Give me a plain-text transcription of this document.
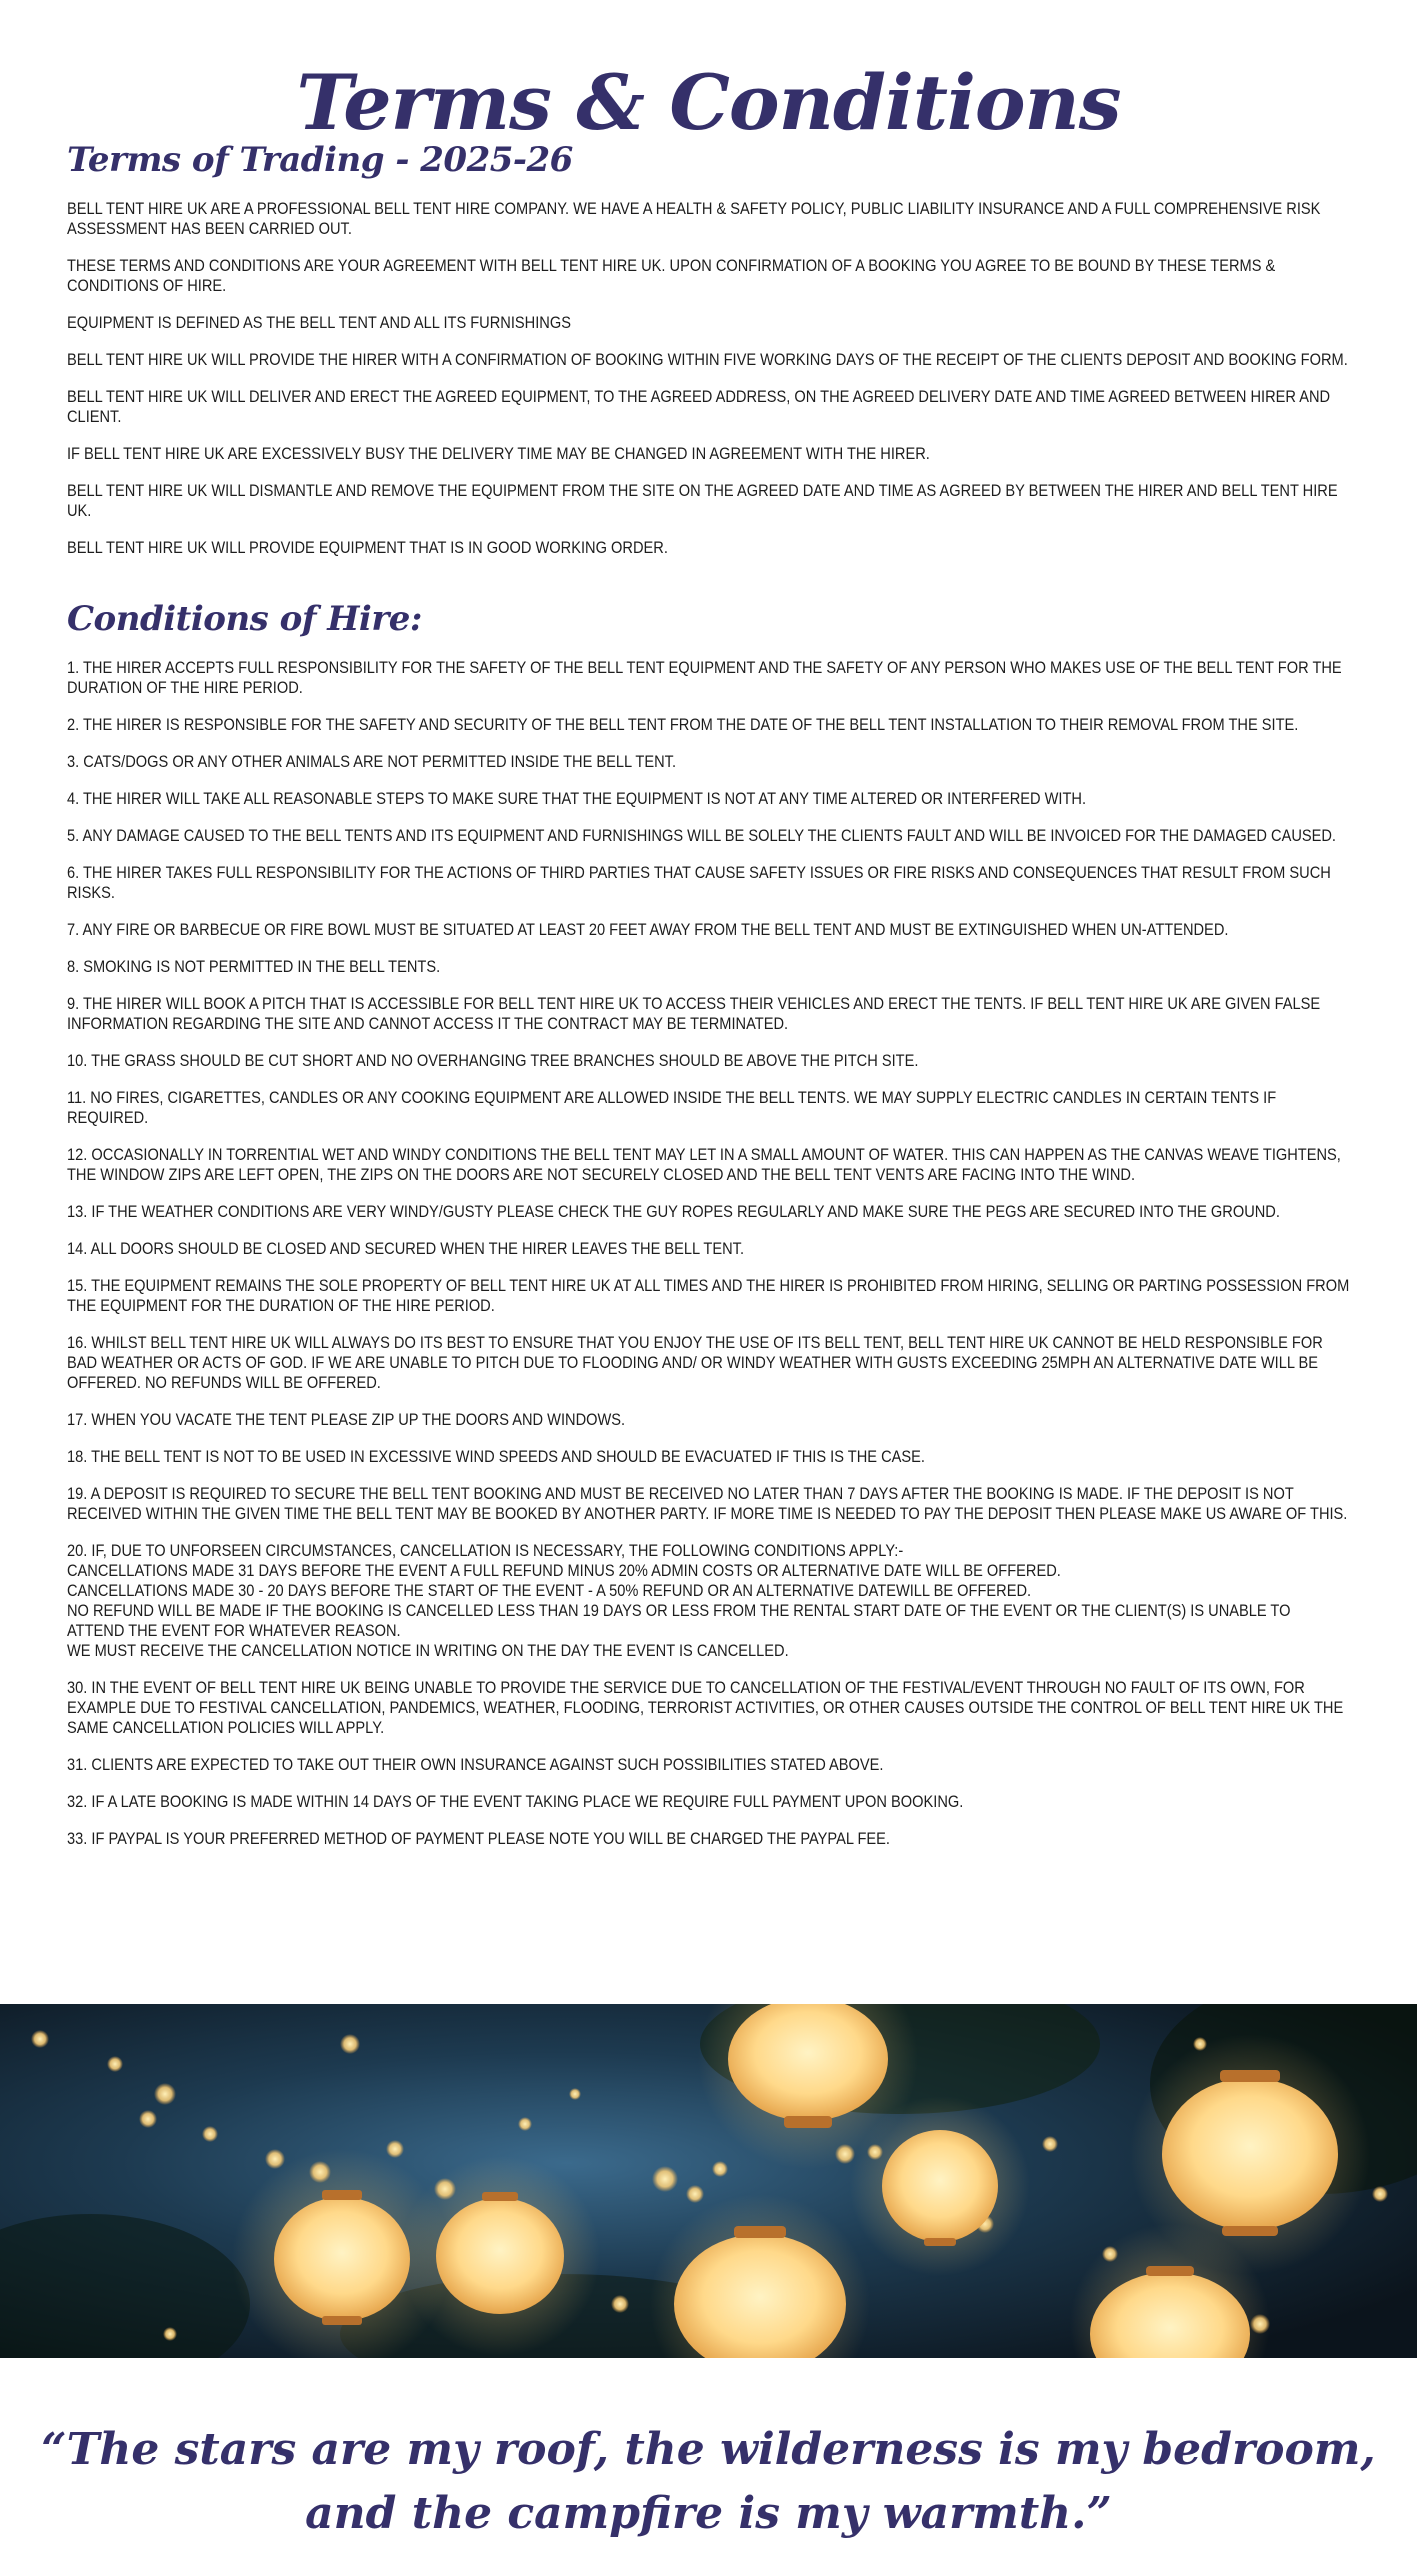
Terms & Conditions
Terms of Trading - 2025-26

BELL TENT HIRE UK ARE A PROFESSIONAL BELL TENT HIRE COMPANY. WE HAVE A HEALTH & SAFETY POLICY, PUBLIC LIABILITY INSURANCE AND A FULL COMPREHENSIVE RISK ASSESSMENT HAS BEEN CARRIED OUT.

THESE TERMS AND CONDITIONS ARE YOUR AGREEMENT WITH BELL TENT HIRE UK. UPON CONFIRMATION OF A BOOKING YOU AGREE TO BE BOUND BY THESE TERMS & CONDITIONS OF HIRE.

EQUIPMENT IS DEFINED AS THE BELL TENT AND ALL ITS FURNISHINGS

BELL TENT HIRE UK WILL PROVIDE THE HIRER WITH A CONFIRMATION OF BOOKING WITHIN FIVE WORKING DAYS OF THE RECEIPT OF THE CLIENTS DEPOSIT AND BOOKING FORM.

BELL TENT HIRE UK WILL DELIVER AND ERECT THE AGREED EQUIPMENT, TO THE AGREED ADDRESS, ON THE AGREED DELIVERY DATE AND TIME AGREED BETWEEN HIRER AND CLIENT.

IF BELL TENT HIRE UK ARE EXCESSIVELY BUSY THE DELIVERY TIME MAY BE CHANGED IN AGREEMENT WITH THE HIRER.

BELL TENT HIRE UK WILL DISMANTLE AND REMOVE THE EQUIPMENT FROM THE SITE ON THE AGREED DATE AND TIME AS AGREED BY BETWEEN THE HIRER AND BELL TENT HIRE UK.

BELL TENT HIRE UK WILL PROVIDE EQUIPMENT THAT IS IN GOOD WORKING ORDER.

Conditions of Hire:

1. THE HIRER ACCEPTS FULL RESPONSIBILITY FOR THE SAFETY OF THE BELL TENT EQUIPMENT AND THE SAFETY OF ANY PERSON WHO MAKES USE OF THE BELL TENT FOR THE DURATION OF THE HIRE PERIOD.

2. THE HIRER IS RESPONSIBLE FOR THE SAFETY AND SECURITY OF THE BELL TENT FROM THE DATE OF THE BELL TENT INSTALLATION TO THEIR REMOVAL FROM THE SITE.

3. CATS/DOGS OR ANY OTHER ANIMALS ARE NOT PERMITTED INSIDE THE BELL TENT.

4. THE HIRER WILL TAKE ALL REASONABLE STEPS TO MAKE SURE THAT THE EQUIPMENT IS NOT AT ANY TIME ALTERED OR INTERFERED WITH.

5. ANY DAMAGE CAUSED TO THE BELL TENTS AND ITS EQUIPMENT AND FURNISHINGS WILL BE SOLELY THE CLIENTS FAULT AND WILL BE INVOICED FOR THE DAMAGED CAUSED.

6. THE HIRER TAKES FULL RESPONSIBILITY FOR THE ACTIONS OF THIRD PARTIES THAT CAUSE SAFETY ISSUES OR FIRE RISKS AND CONSEQUENCES THAT RESULT FROM SUCH RISKS.

7. ANY FIRE OR BARBECUE OR FIRE BOWL MUST BE SITUATED AT LEAST 20 FEET AWAY FROM THE BELL TENT AND MUST BE EXTINGUISHED WHEN UN-ATTENDED.

8. SMOKING IS NOT PERMITTED IN THE BELL TENTS.

9. THE HIRER WILL BOOK A PITCH THAT IS ACCESSIBLE FOR BELL TENT HIRE UK TO ACCESS THEIR VEHICLES AND ERECT THE TENTS. IF BELL TENT HIRE UK ARE GIVEN FALSE INFORMATION REGARDING THE SITE AND CANNOT ACCESS IT THE CONTRACT MAY BE TERMINATED.

10. THE GRASS SHOULD BE CUT SHORT AND NO OVERHANGING TREE BRANCHES SHOULD BE ABOVE THE PITCH SITE.

11. NO FIRES, CIGARETTES, CANDLES OR ANY COOKING EQUIPMENT ARE ALLOWED INSIDE THE BELL TENTS. WE MAY SUPPLY ELECTRIC CANDLES IN CERTAIN TENTS IF REQUIRED.

12. OCCASIONALLY IN TORRENTIAL WET AND WINDY CONDITIONS THE BELL TENT MAY LET IN A SMALL AMOUNT OF WATER. THIS CAN HAPPEN AS THE CANVAS WEAVE TIGHTENS, THE WINDOW ZIPS ARE LEFT OPEN, THE ZIPS ON THE DOORS ARE NOT SECURELY CLOSED AND THE BELL TENT VENTS ARE FACING INTO THE WIND.

13. IF THE WEATHER CONDITIONS ARE VERY WINDY/GUSTY PLEASE CHECK THE GUY ROPES REGULARLY AND MAKE SURE THE PEGS ARE SECURED INTO THE GROUND.

14. ALL DOORS SHOULD BE CLOSED AND SECURED WHEN THE HIRER LEAVES THE BELL TENT.

15. THE EQUIPMENT REMAINS THE SOLE PROPERTY OF BELL TENT HIRE UK AT ALL TIMES AND THE HIRER IS PROHIBITED FROM HIRING, SELLING OR PARTING POSSESSION FROM THE EQUIPMENT FOR THE DURATION OF THE HIRE PERIOD.

16. WHILST BELL TENT HIRE UK WILL ALWAYS DO ITS BEST TO ENSURE THAT YOU ENJOY THE USE OF ITS BELL TENT, BELL TENT HIRE UK CANNOT BE HELD RESPONSIBLE FOR BAD WEATHER OR ACTS OF GOD. IF WE ARE UNABLE TO PITCH DUE TO FLOODING AND/ OR WINDY WEATHER WITH GUSTS EXCEEDING 25MPH AN ALTERNATIVE DATE WILL BE OFFERED. NO REFUNDS WILL BE OFFERED.

17. WHEN YOU VACATE THE TENT PLEASE ZIP UP THE DOORS AND WINDOWS.

18. THE BELL TENT IS NOT TO BE USED IN EXCESSIVE WIND SPEEDS AND SHOULD BE EVACUATED IF THIS IS THE CASE.

19. A DEPOSIT IS REQUIRED TO SECURE THE BELL TENT BOOKING AND MUST BE RECEIVED NO LATER THAN 7 DAYS AFTER THE BOOKING IS MADE. IF THE DEPOSIT IS NOT RECEIVED WITHIN THE GIVEN TIME THE BELL TENT MAY BE BOOKED BY ANOTHER PARTY. IF MORE TIME IS NEEDED TO PAY THE DEPOSIT THEN PLEASE MAKE US AWARE OF THIS.

20. IF, DUE TO UNFORSEEN CIRCUMSTANCES, CANCELLATION IS NECESSARY, THE FOLLOWING CONDITIONS APPLY:-
CANCELLATIONS MADE 31 DAYS BEFORE THE EVENT A FULL REFUND MINUS 20% ADMIN COSTS OR ALTERNATIVE DATE WILL BE OFFERED.
CANCELLATIONS MADE 30 - 20 DAYS BEFORE THE START OF THE EVENT - A 50% REFUND OR AN ALTERNATIVE DATEWILL BE OFFERED.
NO REFUND WILL BE MADE IF THE BOOKING IS CANCELLED LESS THAN 19 DAYS OR LESS FROM THE RENTAL START DATE OF THE EVENT OR THE CLIENT(S) IS UNABLE TO ATTEND THE EVENT FOR WHATEVER REASON.
WE MUST RECEIVE THE CANCELLATION NOTICE IN WRITING ON THE DAY THE EVENT IS CANCELLED.

30. IN THE EVENT OF BELL TENT HIRE UK BEING UNABLE TO PROVIDE THE SERVICE DUE TO CANCELLATION OF THE FESTIVAL/EVENT THROUGH NO FAULT OF ITS OWN, FOR EXAMPLE DUE TO FESTIVAL CANCELLATION, PANDEMICS, WEATHER, FLOODING, TERRORIST ACTIVITIES, OR OTHER CAUSES OUTSIDE THE CONTROL OF BELL TENT HIRE UK THE SAME CANCELLATION POLICIES WILL APPLY.

31. CLIENTS ARE EXPECTED TO TAKE OUT THEIR OWN INSURANCE AGAINST SUCH POSSIBILITIES STATED ABOVE.

32. IF A LATE BOOKING IS MADE WITHIN 14 DAYS OF THE EVENT TAKING PLACE WE REQUIRE FULL PAYMENT UPON BOOKING.

33. IF PAYPAL IS YOUR PREFERRED METHOD OF PAYMENT PLEASE NOTE YOU WILL BE CHARGED THE PAYPAL FEE.

“The stars are my roof, the wilderness is my bedroom,
and the campfire is my warmth.”
